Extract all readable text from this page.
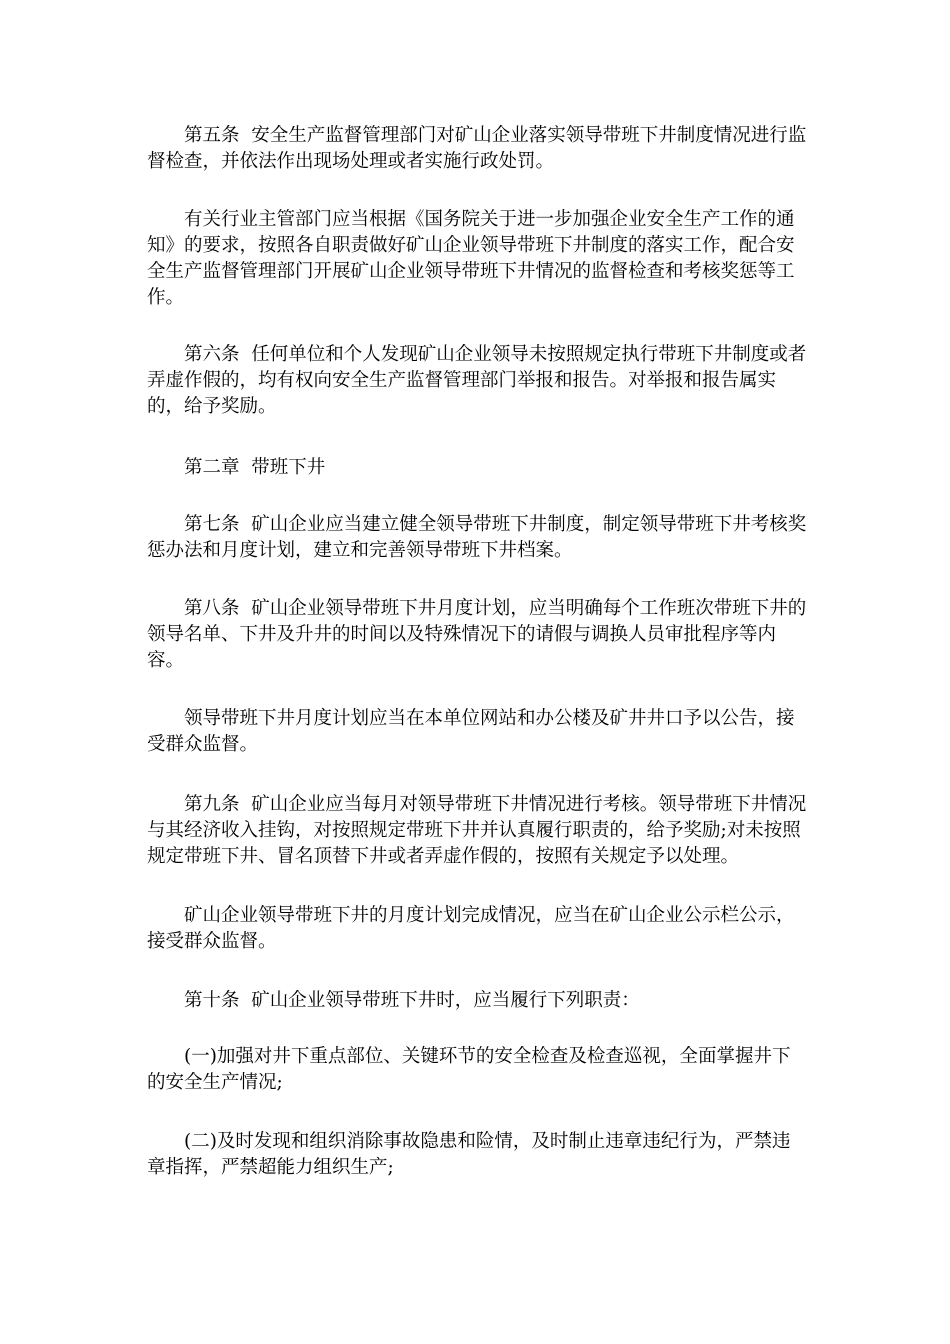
第五条  安全生产监督管理部门对矿山企业落实领导带班下井制度情况进行监督检查，并依法作出现场处理或者实施行政处罚。

有关行业主管部门应当根据《国务院关于进一步加强企业安全生产工作的通知》的要求，按照各自职责做好矿山企业领导带班下井制度的落实工作，配合安全生产监督管理部门开展矿山企业领导带班下井情况的监督检查和考核奖惩等工作。

第六条  任何单位和个人发现矿山企业领导未按照规定执行带班下井制度或者弄虚作假的，均有权向安全生产监督管理部门举报和报告。对举报和报告属实的，给予奖励。

第二章  带班下井

第七条  矿山企业应当建立健全领导带班下井制度，制定领导带班下井考核奖惩办法和月度计划，建立和完善领导带班下井档案。

第八条  矿山企业领导带班下井月度计划，应当明确每个工作班次带班下井的领导名单、下井及升井的时间以及特殊情况下的请假与调换人员审批程序等内容。

领导带班下井月度计划应当在本单位网站和办公楼及矿井井口予以公告，接受群众监督。

第九条  矿山企业应当每月对领导带班下井情况进行考核。领导带班下井情况与其经济收入挂钩，对按照规定带班下井并认真履行职责的，给予奖励;对未按照规定带班下井、冒名顶替下井或者弄虚作假的，按照有关规定予以处理。

矿山企业领导带班下井的月度计划完成情况，应当在矿山企业公示栏公示，接受群众监督。

第十条  矿山企业领导带班下井时，应当履行下列职责：

(一)加强对井下重点部位、关键环节的安全检查及检查巡视，全面掌握井下的安全生产情况;

(二)及时发现和组织消除事故隐患和险情，及时制止违章违纪行为，严禁违章指挥，严禁超能力组织生产;
